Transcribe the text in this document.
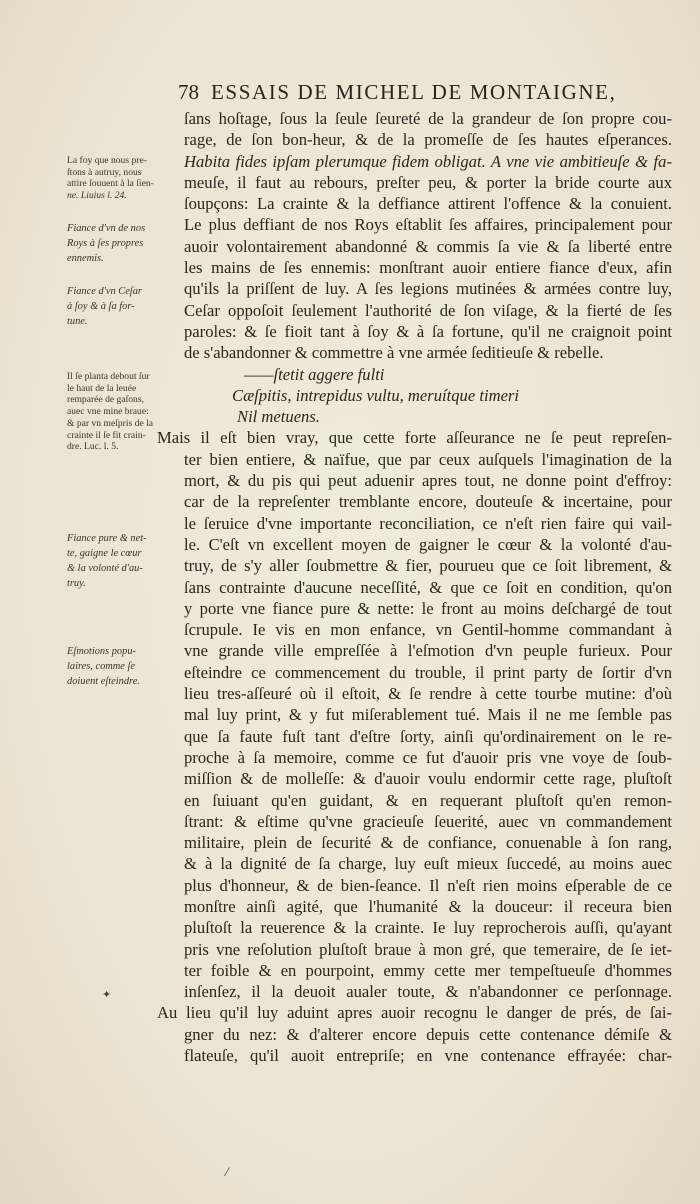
78 ESSAIS DE MICHEL DE MONTAIGNE,
La foy que nous pre-
ſtons à autruy, nous
attire ſouuent à la ſien-
ne. Liuius l. 24.
Fiance d'vn de nos
Roys à ſes propres
ennemis.
Fiance d'vn Ceſar
à ſoy & à ſa for-
tune.
Il ſe planta debout ſur
le haut de la leuée
remparée de gaſons,
auec vne mine braue:
& par vn meſpris de la
crainte il ſe fit crain-
dre. Luc. l. 5.
Fiance pure & net-
te, gaigne le cœur
& la volonté d'au-
truy.
Eſmotions popu-
laires, comme ſe
doiuent eſteindre.
ſans hoſtage, ſous la ſeule ſeureté de la grandeur de ſon propre cou-
rage, de ſon bon-heur, & de la promeſſe de ſes hautes eſperances.
Habita fides ipſam plerumque fidem obligat. A vne vie ambitieuſe & fa-
meuſe, il faut au rebours, preſter peu, & porter la bride courte aux
ſoupçons: La crainte & la deffiance attirent l'offence & la conuient.
Le plus deffiant de nos Roys eſtablit ſes affaires, principalement pour
auoir volontairement abandonné & commis ſa vie & ſa liberté entre
les mains de ſes ennemis: monſtrant auoir entiere fiance d'eux, afin
qu'ils la priſſent de luy. A ſes legions mutinées & armées contre luy,
Ceſar oppoſoit ſeulement l'authorité de ſon viſage, & la fierté de ſes
paroles: & ſe fioit tant à ſoy & à ſa fortune, qu'il ne craignoit point
de s'abandonner & commettre à vne armée ſeditieuſe & rebelle.
——ſtetit aggere fulti
Cæſpitis, intrepidus vultu, meruítque timeri
Nil metuens.
Mais il eſt bien vray, que cette forte aſſeurance ne ſe peut repreſen-
ter bien entiere, & naïfue, que par ceux auſquels l'imagination de la
mort, & du pis qui peut aduenir apres tout, ne donne point d'effroy:
car de la repreſenter tremblante encore, douteuſe & incertaine, pour
le ſeruice d'vne importante reconciliation, ce n'eſt rien faire qui vail-
le. C'eſt vn excellent moyen de gaigner le cœur & la volonté d'au-
truy, de s'y aller ſoubmettre & fier, pourueu que ce ſoit librement, &
ſans contrainte d'aucune neceſſité, & que ce ſoit en condition, qu'on
y porte vne fiance pure & nette: le front au moins deſchargé de tout
ſcrupule. Ie vis en mon enfance, vn Gentil-homme commandant à
vne grande ville empreſſée à l'eſmotion d'vn peuple furieux. Pour
eſteindre ce commencement du trouble, il print party de ſortir d'vn
lieu tres-aſſeuré où il eſtoit, & ſe rendre à cette tourbe mutine: d'où
mal luy print, & y fut miſerablement tué. Mais il ne me ſemble pas
que ſa faute fuſt tant d'eſtre ſorty, ainſi qu'ordinairement on le re-
proche à ſa memoire, comme ce fut d'auoir pris vne voye de ſoub-
miſſion & de molleſſe: & d'auoir voulu endormir cette rage, pluſtoſt
en ſuiuant qu'en guidant, & en requerant pluſtoſt qu'en remon-
ſtrant: & eſtime qu'vne gracieuſe ſeuerité, auec vn commandement
militaire, plein de ſecurité & de confiance, conuenable à ſon rang,
& à la dignité de ſa charge, luy euſt mieux ſuccedé, au moins auec
plus d'honneur, & de bien-ſeance. Il n'eſt rien moins eſperable de ce
monſtre ainſi agité, que l'humanité & la douceur: il receura bien
pluſtoſt la reuerence & la crainte. Ie luy reprocherois auſſi, qu'ayant
pris vne reſolution pluſtoſt braue à mon gré, que temeraire, de ſe iet-
ter foible & en pourpoint, emmy cette mer tempeſtueuſe d'hommes
inſenſez, il la deuoit aualer toute, & n'abandonner ce perſonnage.
Au lieu qu'il luy aduint apres auoir recognu le danger de prés, de ſai-
gner du nez: & d'alterer encore depuis cette contenance démiſe &
flateuſe, qu'il auoit entrepriſe; en vne contenance effrayée: char-
✦
⁄
